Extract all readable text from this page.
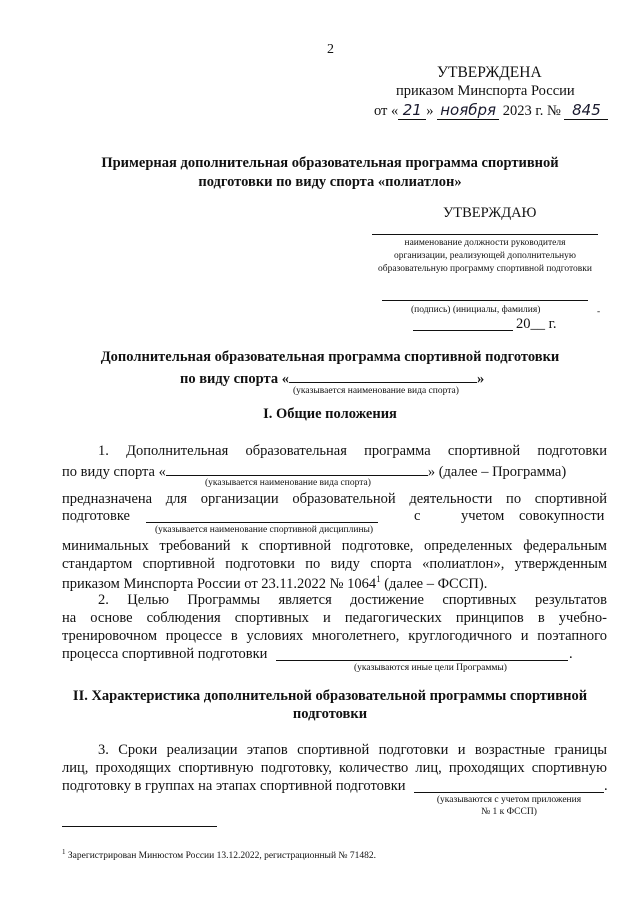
2
УТВЕРЖДЕНА
приказом Минспорта России
от « 21 » ноября 2023 г. № 845
Примерная дополнительная образовательная программа спортивной
подготовки по виду спорта «полиатлон»
УТВЕРЖДАЮ
наименование должности руководителя
организации, реализующей дополнительную
образовательную программу спортивной подготовки
(подпись) (инициалы, фамилия)	-
20__ г.
Дополнительная образовательная программа спортивной подготовки
по виду спорта «	»
(указывается наименование вида спорта)
I. Общие положения
1. Дополнительная образовательная программа спортивной подготовки
по виду спорта «	» (далее – Программа)
(указывается наименование вида спорта)
предназначена для организации образовательной деятельности по спортивной
подготовке	с	учетом совокупности
(указывается наименование спортивной дисциплины)
минимальных требований к спортивной подготовке, определенных федеральным
стандартом спортивной подготовки по виду спорта «полиатлон», утвержденным
приказом Минспорта России от 23.11.2022 № 1064$^1$ (далее – ФССП).
2. Целью Программы является достижение спортивных результатов
на основе соблюдения спортивных и педагогических принципов в учебно-
тренировочном процессе в условиях многолетнего, круглогодичного и поэтапного
процесса спортивной подготовки	.
(указываются иные цели Программы)
II. Характеристика дополнительной образовательной программы спортивной
подготовки
3. Сроки реализации этапов спортивной подготовки и возрастные границы
лиц, проходящих спортивную подготовку, количество лиц, проходящих спортивную
подготовку в группах на этапах спортивной подготовки	.
(указываются с учетом приложения
№ 1 к ФССП)
$^1$ Зарегистрирован Минюстом России 13.12.2022, регистрационный № 71482.
